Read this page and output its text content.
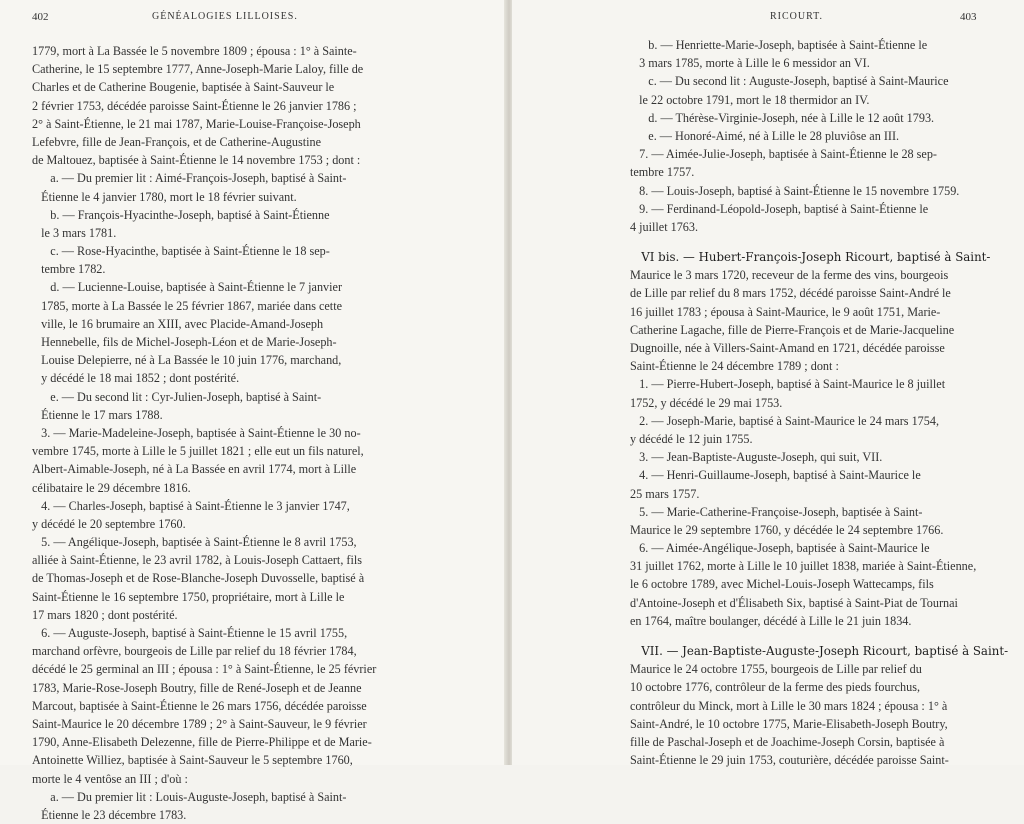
402	GÉNÉALOGIES LILLOISES.	RICOURT.	403
1779, mort à La Bassée le 5 novembre 1809 ; épousa : 1° à Sainte-
Catherine, le 15 septembre 1777, Anne-Joseph-Marie Laloy, fille de
Charles et de Catherine Bougenie, baptisée à Saint-Sauveur le
2 février 1753, décédée paroisse Saint-Étienne le 26 janvier 1786 ;
2° à Saint-Étienne, le 21 mai 1787, Marie-Louise-Françoise-Joseph
Lefebvre, fille de Jean-François, et de Catherine-Augustine
de Maltouez, baptisée à Saint-Étienne le 14 novembre 1753 ; dont :
a. — Du premier lit : Aimé-François-Joseph, baptisé à Saint-
Étienne le 4 janvier 1780, mort le 18 février suivant.
b. — François-Hyacinthe-Joseph, baptisé à Saint-Étienne
le 3 mars 1781.
c. — Rose-Hyacinthe, baptisée à Saint-Étienne le 18 sep-
tembre 1782.
d. — Lucienne-Louise, baptisée à Saint-Étienne le 7 janvier
1785, morte à La Bassée le 25 février 1867, mariée dans cette
ville, le 16 brumaire an XIII, avec Placide-Amand-Joseph
Hennebelle, fils de Michel-Joseph-Léon et de Marie-Joseph-
Louise Delepierre, né à La Bassée le 10 juin 1776, marchand,
y décédé le 18 mai 1852 ; dont postérité.
e. — Du second lit : Cyr-Julien-Joseph, baptisé à Saint-
Étienne le 17 mars 1788.
3. — Marie-Madeleine-Joseph, baptisée à Saint-Étienne le 30 no-
vembre 1745, morte à Lille le 5 juillet 1821 ; elle eut un fils naturel,
Albert-Aimable-Joseph, né à La Bassée en avril 1774, mort à Lille
célibataire le 29 décembre 1816.
4. — Charles-Joseph, baptisé à Saint-Étienne le 3 janvier 1747,
y décédé le 20 septembre 1760.
5. — Angélique-Joseph, baptisée à Saint-Étienne le 8 avril 1753,
alliée à Saint-Étienne, le 23 avril 1782, à Louis-Joseph Cattaert, fils
de Thomas-Joseph et de Rose-Blanche-Joseph Duvosselle, baptisé à
Saint-Étienne le 16 septembre 1750, propriétaire, mort à Lille le
17 mars 1820 ; dont postérité.
6. — Auguste-Joseph, baptisé à Saint-Étienne le 15 avril 1755,
marchand orfèvre, bourgeois de Lille par relief du 18 février 1784,
décédé le 25 germinal an III ; épousa : 1° à Saint-Étienne, le 25 février
1783, Marie-Rose-Joseph Boutry, fille de René-Joseph et de Jeanne
Marcout, baptisée à Saint-Étienne le 26 mars 1756, décédée paroisse
Saint-Maurice le 20 décembre 1789 ; 2° à Saint-Sauveur, le 9 février
1790, Anne-Elisabeth Delezenne, fille de Pierre-Philippe et de Marie-
Antoinette Williez, baptisée à Saint-Sauveur le 5 septembre 1760,
morte le 4 ventôse an III ; d'où :
a. — Du premier lit : Louis-Auguste-Joseph, baptisé à Saint-
Étienne le 23 décembre 1783.
b. — Henriette-Marie-Joseph, baptisée à Saint-Étienne le
3 mars 1785, morte à Lille le 6 messidor an VI.
c. — Du second lit : Auguste-Joseph, baptisé à Saint-Maurice
le 22 octobre 1791, mort le 18 thermidor an IV.
d. — Thérèse-Virginie-Joseph, née à Lille le 12 août 1793.
e. — Honoré-Aimé, né à Lille le 28 pluviôse an III.
7. — Aimée-Julie-Joseph, baptisée à Saint-Étienne le 28 sep-
tembre 1757.
8. — Louis-Joseph, baptisé à Saint-Étienne le 15 novembre 1759.
9. — Ferdinand-Léopold-Joseph, baptisé à Saint-Étienne le
4 juillet 1763.
VI bis. — Hubert-François-Joseph Ricourt, baptisé à Saint-
Maurice le 3 mars 1720, receveur de la ferme des vins, bourgeois
de Lille par relief du 8 mars 1752, décédé paroisse Saint-André le
16 juillet 1783 ; épousa à Saint-Maurice, le 9 août 1751, Marie-
Catherine Lagache, fille de Pierre-François et de Marie-Jacqueline
Dugnoille, née à Villers-Saint-Amand en 1721, décédée paroisse
Saint-Étienne le 24 décembre 1789 ; dont :
1. — Pierre-Hubert-Joseph, baptisé à Saint-Maurice le 8 juillet
1752, y décédé le 29 mai 1753.
2. — Joseph-Marie, baptisé à Saint-Maurice le 24 mars 1754,
y décédé le 12 juin 1755.
3. — Jean-Baptiste-Auguste-Joseph, qui suit, VII.
4. — Henri-Guillaume-Joseph, baptisé à Saint-Maurice le
25 mars 1757.
5. — Marie-Catherine-Françoise-Joseph, baptisée à Saint-
Maurice le 29 septembre 1760, y décédée le 24 septembre 1766.
6. — Aimée-Angélique-Joseph, baptisée à Saint-Maurice le
31 juillet 1762, morte à Lille le 10 juillet 1838, mariée à Saint-Étienne,
le 6 octobre 1789, avec Michel-Louis-Joseph Wattecamps, fils
d'Antoine-Joseph et d'Élisabeth Six, baptisé à Saint-Piat de Tournai
en 1764, maître boulanger, décédé à Lille le 21 juin 1834.
VII. — Jean-Baptiste-Auguste-Joseph Ricourt, baptisé à Saint-
Maurice le 24 octobre 1755, bourgeois de Lille par relief du
10 octobre 1776, contrôleur de la ferme des pieds fourchus,
contrôleur du Minck, mort à Lille le 30 mars 1824 ; épousa : 1° à
Saint-André, le 10 octobre 1775, Marie-Elisabeth-Joseph Boutry,
fille de Paschal-Joseph et de Joachime-Joseph Corsin, baptisée à
Saint-Étienne le 29 juin 1753, couturière, décédée paroisse Saint-
